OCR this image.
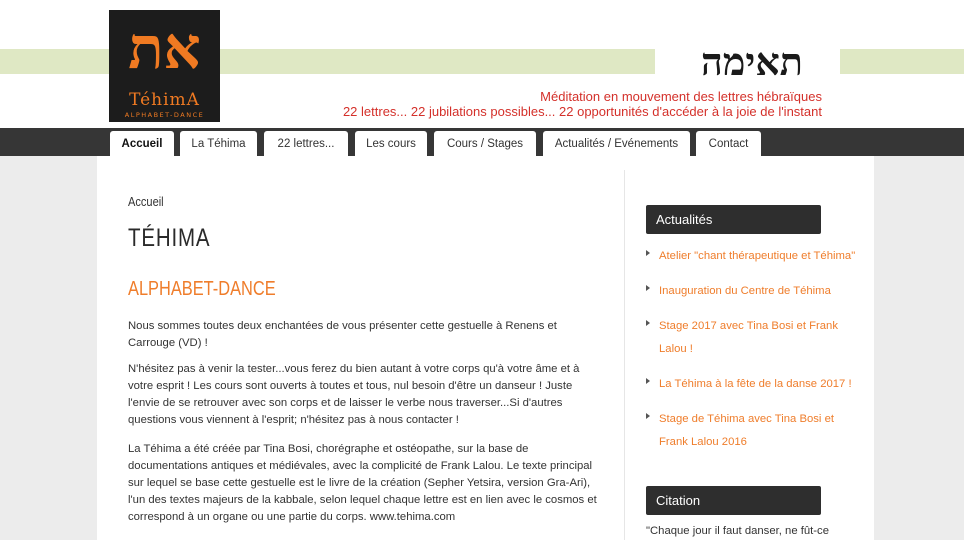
את
TéhimA
ALPHABET-DANCE
תאימה
Méditation en mouvement des lettres hébraïques
22 lettres... 22 jubilations possibles... 22 opportunités d'accéder à la joie de l'instant
Accueil	La Téhima	22 lettres...	Les cours	Cours / Stages	Actualités / Evénements	Contact
Accueil
TÉHIMA
ALPHABET-DANCE

Nous sommes toutes deux enchantées de vous présenter cette gestuelle à Renens et Carrouge (VD) !

N'hésitez pas à venir la tester...vous ferez du bien autant à votre corps qu'à votre âme et à votre esprit ! Les cours sont ouverts à toutes et tous, nul besoin d'être un danseur ! Juste l'envie de se retrouver avec son corps et de laisser le verbe nous traverser...Si d'autres questions vous viennent à l'esprit; n'hésitez pas à nous contacter !

La Téhima a été créée par Tina Bosi, chorégraphe et ostéopathe, sur la base de documentations antiques et médiévales, avec la complicité de Frank Lalou. Le texte principal sur lequel se base cette gestuelle est le livre de la création (Sepher Yetsira, version Gra-Ari), l'un des textes majeurs de la kabbale, selon lequel chaque lettre est en lien avec le cosmos et correspond à un organe ou une partie du corps. www.tehima.com

Actualités
Atelier "chant thérapeutique et Téhima"
Inauguration du Centre de Téhima
Stage 2017 avec Tina Bosi et Frank Lalou !
La Téhima à la fête de la danse 2017 !
Stage de Téhima avec Tina Bosi et Frank Lalou 2016
Citation
"Chaque jour il faut danser, ne fût-ce
